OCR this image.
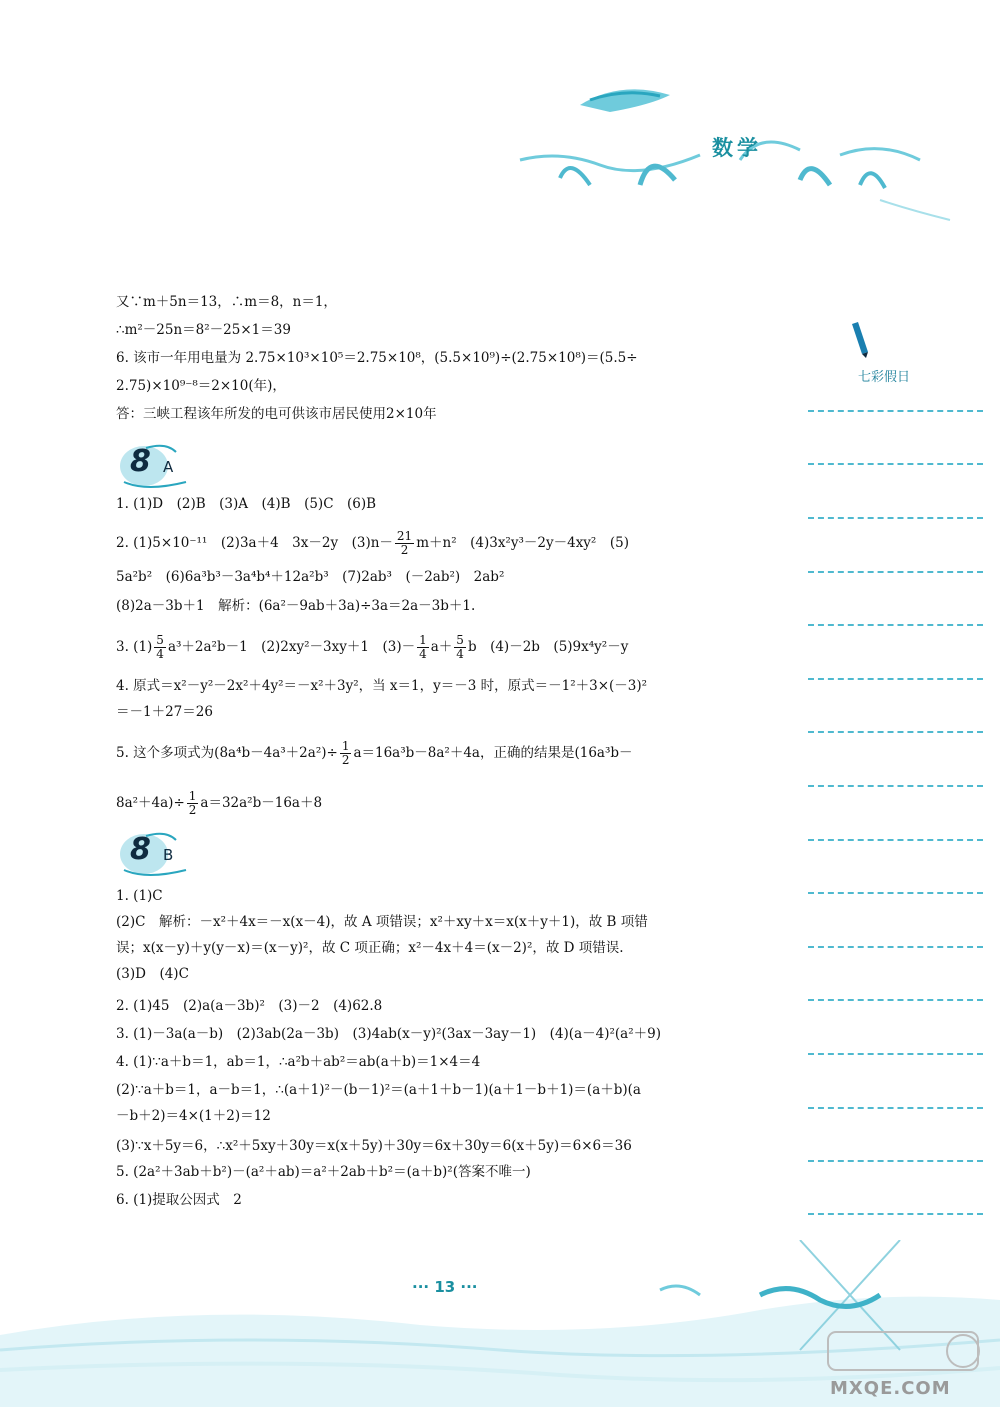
数学
又∵m＋5n＝13，∴m＝8，n＝1，
∴m²－25n＝8²－25×1＝39
6. 该市一年用电量为 2.75×10³×10⁵＝2.75×10⁸，(5.5×10⁹)÷(2.75×10⁸)＝(5.5÷
2.75)×10⁹⁻⁸＝2×10(年)，
答：三峡工程该年所发的电可供该市居民使用2×10年
8 A
1. (1)D　(2)B　(3)A　(4)B　(5)C　(6)B
2. (1)5×10⁻¹¹　(2)3a＋4　3x－2y　$(3)n- \frac{21}{2} m+n^2$　(4)3x²y³－2y－4xy²　(5)
5a²b²　(6)6a³b³－3a⁴b⁴＋12a²b³　(7)2ab³　(－2ab²)　2ab²
(8)2a－3b＋1　解析：(6a²－9ab＋3a)÷3a＝2a－3b＋1.
3. $(1) \frac{5}{4} a^3+2a^2b-1$　(2)2xy²－3xy＋1　$(3)- \frac{1}{4} a+ \frac{5}{4}$ b　(4)－2b　(5)9x⁴y²－y
4. 原式＝x²－y²－2x²＋4y²＝－x²＋3y²，当 x＝1，y＝－3 时，原式＝－1²＋3×(－3)²
＝－1＋27＝26
5. 这个多项式为$(8a^4b-4a^3+2a^2)\div \frac{1}{2} a=16a^3b-8a^2+4a$，正确的结果是(16a³b－
$8a^2+4a)\div \frac{1}{2} a=32a^2b-16a+8$
8 B
1. (1)C
(2)C　解析：－x²＋4x＝－x(x－4)，故 A 项错误；x²＋xy＋x＝x(x＋y＋1)，故 B 项错
误；x(x－y)＋y(y－x)＝(x－y)²，故 C 项正确；x²－4x＋4＝(x－2)²，故 D 项错误.
(3)D　(4)C
2. (1)45　(2)a(a－3b)²　(3)－2　(4)62.8
3. (1)－3a(a－b)　(2)3ab(2a－3b)　(3)4ab(x－y)²(3ax－3ay－1)　(4)(a－4)²(a²＋9)
4. (1)∵a＋b＝1，ab＝1，∴a²b＋ab²＝ab(a＋b)＝1×4＝4
(2)∵a＋b＝1，a－b＝1，∴(a＋1)²－(b－1)²＝(a＋1＋b－1)(a＋1－b＋1)＝(a＋b)(a
－b＋2)＝4×(1＋2)＝12
(3)∵x＋5y＝6，∴x²＋5xy＋30y＝x(x＋5y)＋30y＝6x＋30y＝6(x＋5y)＝6×6＝36
5. (2a²＋3ab＋b²)－(a²＋ab)＝a²＋2ab＋b²＝(a＋b)²(答案不唯一)
6. (1)提取公因式　2
七彩假日
··· 13 ···
MXQE.COM
